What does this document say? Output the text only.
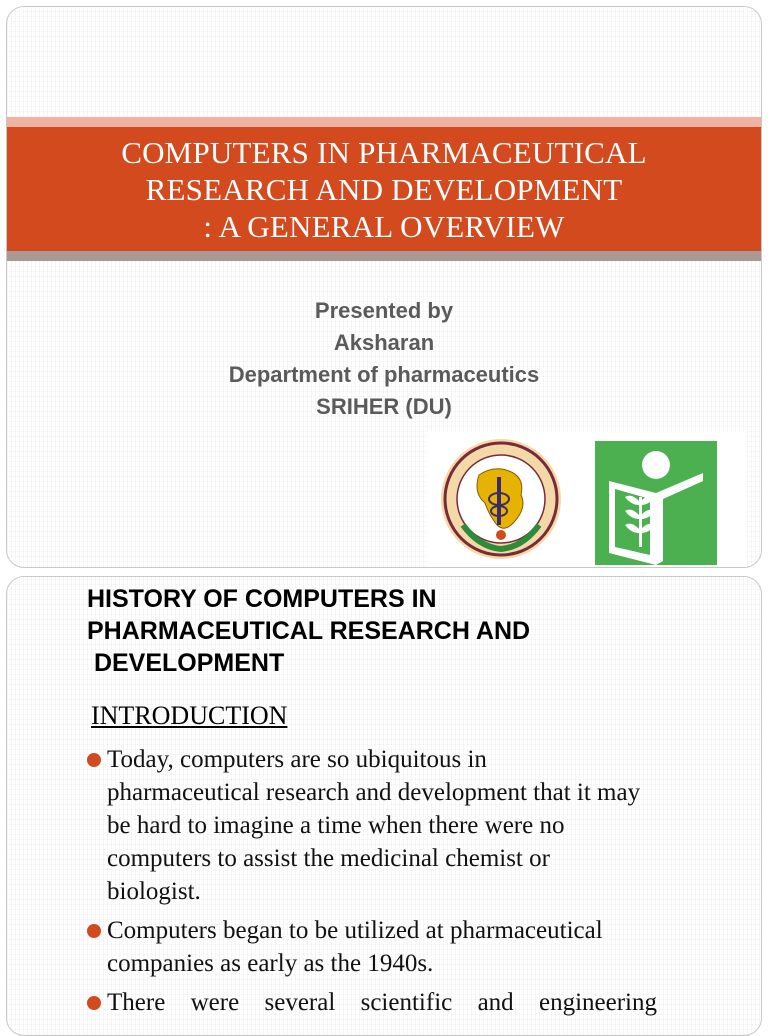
COMPUTERS IN PHARMACEUTICAL
RESEARCH AND DEVELOPMENT
: A GENERAL OVERVIEW
Presented by
Aksharan
Department of pharmaceutics
SRIHER (DU)
HISTORY OF COMPUTERS IN
PHARMACEUTICAL RESEARCH AND
DEVELOPMENT
INTRODUCTION
Today, computers are so ubiquitous in
pharmaceutical research and development that it may
be hard to imagine a time when there were no
computers to assist the medicinal chemist or
biologist.
Computers began to be utilized at pharmaceutical
companies as early as the 1940s.
There were several scientific and engineering
